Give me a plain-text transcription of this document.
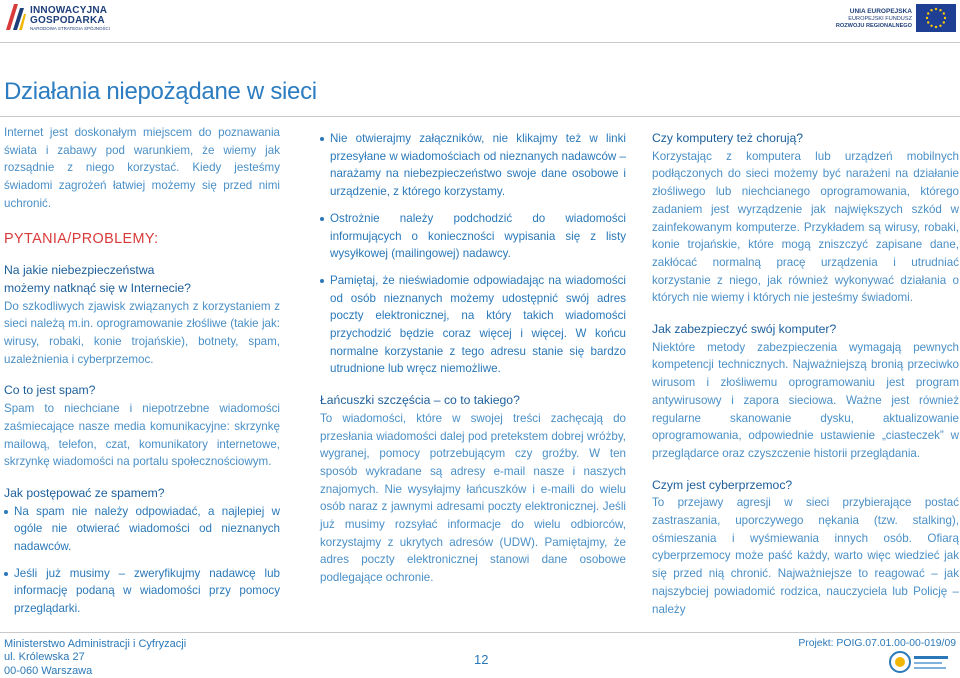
INNOWACYJNA
GOSPODARKA
NARODOWA STRATEGIA SPÓJNOŚCI
UNIA EUROPEJSKA
EUROPEJSKI FUNDUSZ
ROZWOJU REGIONALNEGO
Działania niepożądane w sieci

Internet jest doskonałym miejscem do poznawania świata i zabawy pod warunkiem, że wiemy jak rozsądnie z niego korzystać. Kiedy jesteśmy świadomi zagrożeń łatwiej możemy się przed nimi uchronić.

PYTANIA/PROBLEMY:

Na jakie niebezpieczeństwa możemy natknąć się w Internecie?

Do szkodliwych zjawisk związanych z korzystaniem z sieci należą m.in. oprogramowanie złośliwe (takie jak: wirusy, robaki, konie trojańskie), botnety, spam, uzależnienia i cyberprzemoc.

Co to jest spam?

Spam to niechciane i niepotrzebne wiadomości zaśmiecające nasze media komunikacyjne: skrzynkę mailową, telefon, czat, komunikatory internetowe, skrzynkę wiadomości na portalu społecznościowym.

Jak postępować ze spamem?

Na spam nie należy odpowiadać, a najlepiej w ogóle nie otwierać wiadomości od nieznanych nadawców.

Jeśli już musimy – zweryfikujmy nadawcę lub informację podaną w wiadomości przy pomocy przeglądarki.

Nie otwierajmy załączników, nie klikajmy też w linki przesyłane w wiadomościach od nieznanych nadawców – narażamy na niebezpieczeństwo swoje dane osobowe i urządzenie, z którego korzystamy.

Ostrożnie należy podchodzić do wiadomości informujących o konieczności wypisania się z listy wysyłkowej (mailingowej) nadawcy.

Pamiętaj, że nieświadomie odpowiadając na wiadomości od osób nieznanych możemy udostępnić swój adres poczty elektronicznej, na który takich wiadomości przychodzić będzie coraz więcej i więcej. W końcu normalne korzystanie z tego adresu stanie się bardzo utrudnione lub wręcz niemożliwe.

Łańcuszki szczęścia – co to takiego?

To wiadomości, które w swojej treści zachęcają do przesłania wiadomości dalej pod pretekstem dobrej wróżby, wygranej, pomocy potrzebującym czy groźby. W ten sposób wykradane są adresy e-mail nasze i naszych znajomych. Nie wysyłajmy łańcuszków i e-maili do wielu osób naraz z jawnymi adresami poczty elektronicznej. Jeśli już musimy rozsyłać informacje do wielu odbiorców, korzystajmy z ukrytych adresów (UDW). Pamiętajmy, że adres poczty elektronicznej stanowi dane osobowe podlegające ochronie.

Czy komputery też chorują?

Korzystając z komputera lub urządzeń mobilnych podłączonych do sieci możemy być narażeni na działanie złośliwego lub niechcianego oprogramowania, którego zadaniem jest wyrządzenie jak największych szkód w zainfekowanym komputerze. Przykładem są wirusy, robaki, konie trojańskie, które mogą zniszczyć zapisane dane, zakłócać normalną pracę urządzenia i utrudniać korzystanie z niego, jak również wykonywać działania o których nie wiemy i których nie jesteśmy świadomi.

Jak zabezpieczyć swój komputer?

Niektóre metody zabezpieczenia wymagają pewnych kompetencji technicznych. Najważniejszą bronią przeciwko wirusom i złośliwemu oprogramowaniu jest program antywirusowy i zapora sieciowa. Ważne jest również regularne skanowanie dysku, aktualizowanie oprogramowania, odpowiednie ustawienie „ciasteczek” w przeglądarce oraz czyszczenie historii przeglądania.

Czym jest cyberprzemoc?

To przejawy agresji w sieci przybierające postać zastraszania, uporczywego nękania (tzw. stalking), ośmieszania i wyśmiewania innych osób. Ofiarą cyberprzemocy może paść każdy, warto więc wiedzieć jak się przed nią chronić. Najważniejsze to reagować – jak najszybciej powiadomić rodzica, nauczyciela lub Policję – należy

Ministerstwo Administracji i Cyfryzacji
ul. Królewska 27
00-060 Warszawa
12
Projekt: POIG.07.01.00-00-019/09
